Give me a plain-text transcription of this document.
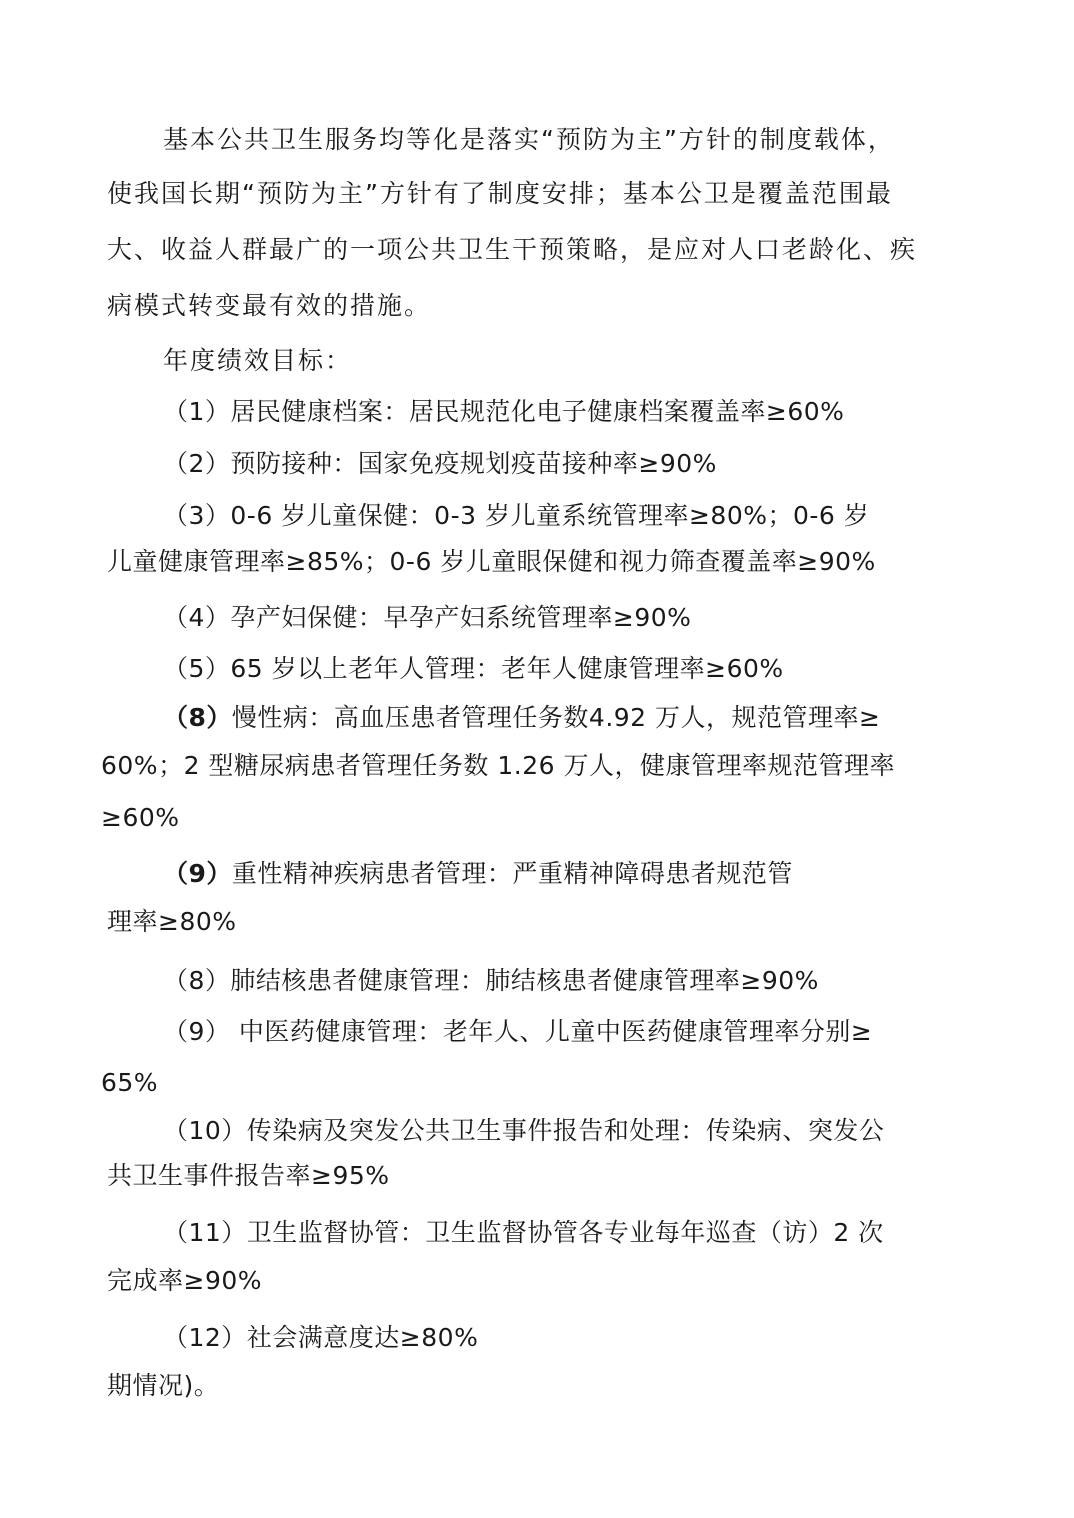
基本公共卫生服务均等化是落实“预防为主”方针的制度载体，
使我国长期“预防为主”方针有了制度安排；基本公卫是覆盖范围最
大、收益人群最广的一项公共卫生干预策略，是应对人口老龄化、疾
病模式转变最有效的措施。
年度绩效目标：
（1）居民健康档案：居民规范化电子健康档案覆盖率≥60%
（2）预防接种：国家免疫规划疫苗接种率≥90%
（3）0-6 岁儿童保健：0-3 岁儿童系统管理率≥80%；0-6 岁
儿童健康管理率≥85%；0-6 岁儿童眼保健和视力筛查覆盖率≥90%
（4）孕产妇保健：早孕产妇系统管理率≥90%
（5）65 岁以上老年人管理：老年人健康管理率≥60%
（8）慢性病：高血压患者管理任务数4.92 万人，规范管理率≥
60%；2 型糖尿病患者管理任务数 1.26 万人，健康管理率规范管理率
≥60%
（9）重性精神疾病患者管理：严重精神障碍患者规范管
理率≥80%
（8）肺结核患者健康管理：肺结核患者健康管理率≥90%
（9） 中医药健康管理：老年人、儿童中医药健康管理率分别≥
65%
（10）传染病及突发公共卫生事件报告和处理：传染病、突发公
共卫生事件报告率≥95%
（11）卫生监督协管：卫生监督协管各专业每年巡查（访）2 次
完成率≥90%
（12）社会满意度达≥80%
期情况)。
